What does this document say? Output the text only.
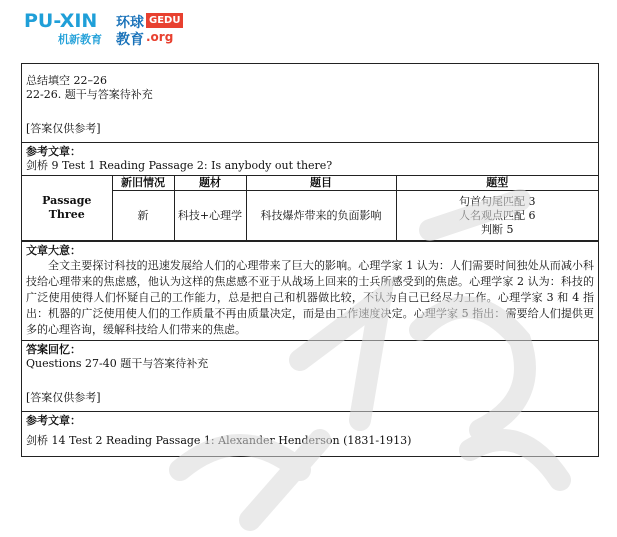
PU-XIN
机新教育
环球 GEDU
教育 .org

总结填空 22–26

22-26. 题干与答案待补充

[答案仅供参考]

参考文章：

剑桥 9 Test 1 Reading Passage 2: Is anybody out there?

Passage Three	新旧情况	题材	题目	题型
	新	科技+心理学	科技爆炸带来的负面影响	句首句尾匹配 3
人名观点匹配 6
判断 5

文章大意：

全文主要探讨科技的迅速发展给人们的心理带来了巨大的影响。心理学家 1 认为：人们需要时间独处从而减小科技给心理带来的焦虑感，他认为这样的焦虑感不亚于从战场上回来的士兵所感受到的焦虑。心理学家 2 认为：科技的广泛使用使得人们怀疑自己的工作能力，总是把自己和机器做比较，不认为自己已经尽力工作。心理学家 3 和 4 指出：机器的广泛使用使人们的工作质量不再由质量决定，而是由工作速度决定。心理学家 5 指出：需要给人们提供更多的心理咨询，缓解科技给人们带来的焦虑。

答案回忆：

Questions 27-40 题干与答案待补充

[答案仅供参考]

参考文章：

剑桥 14 Test 2 Reading Passage 1: Alexander Henderson (1831-1913)
